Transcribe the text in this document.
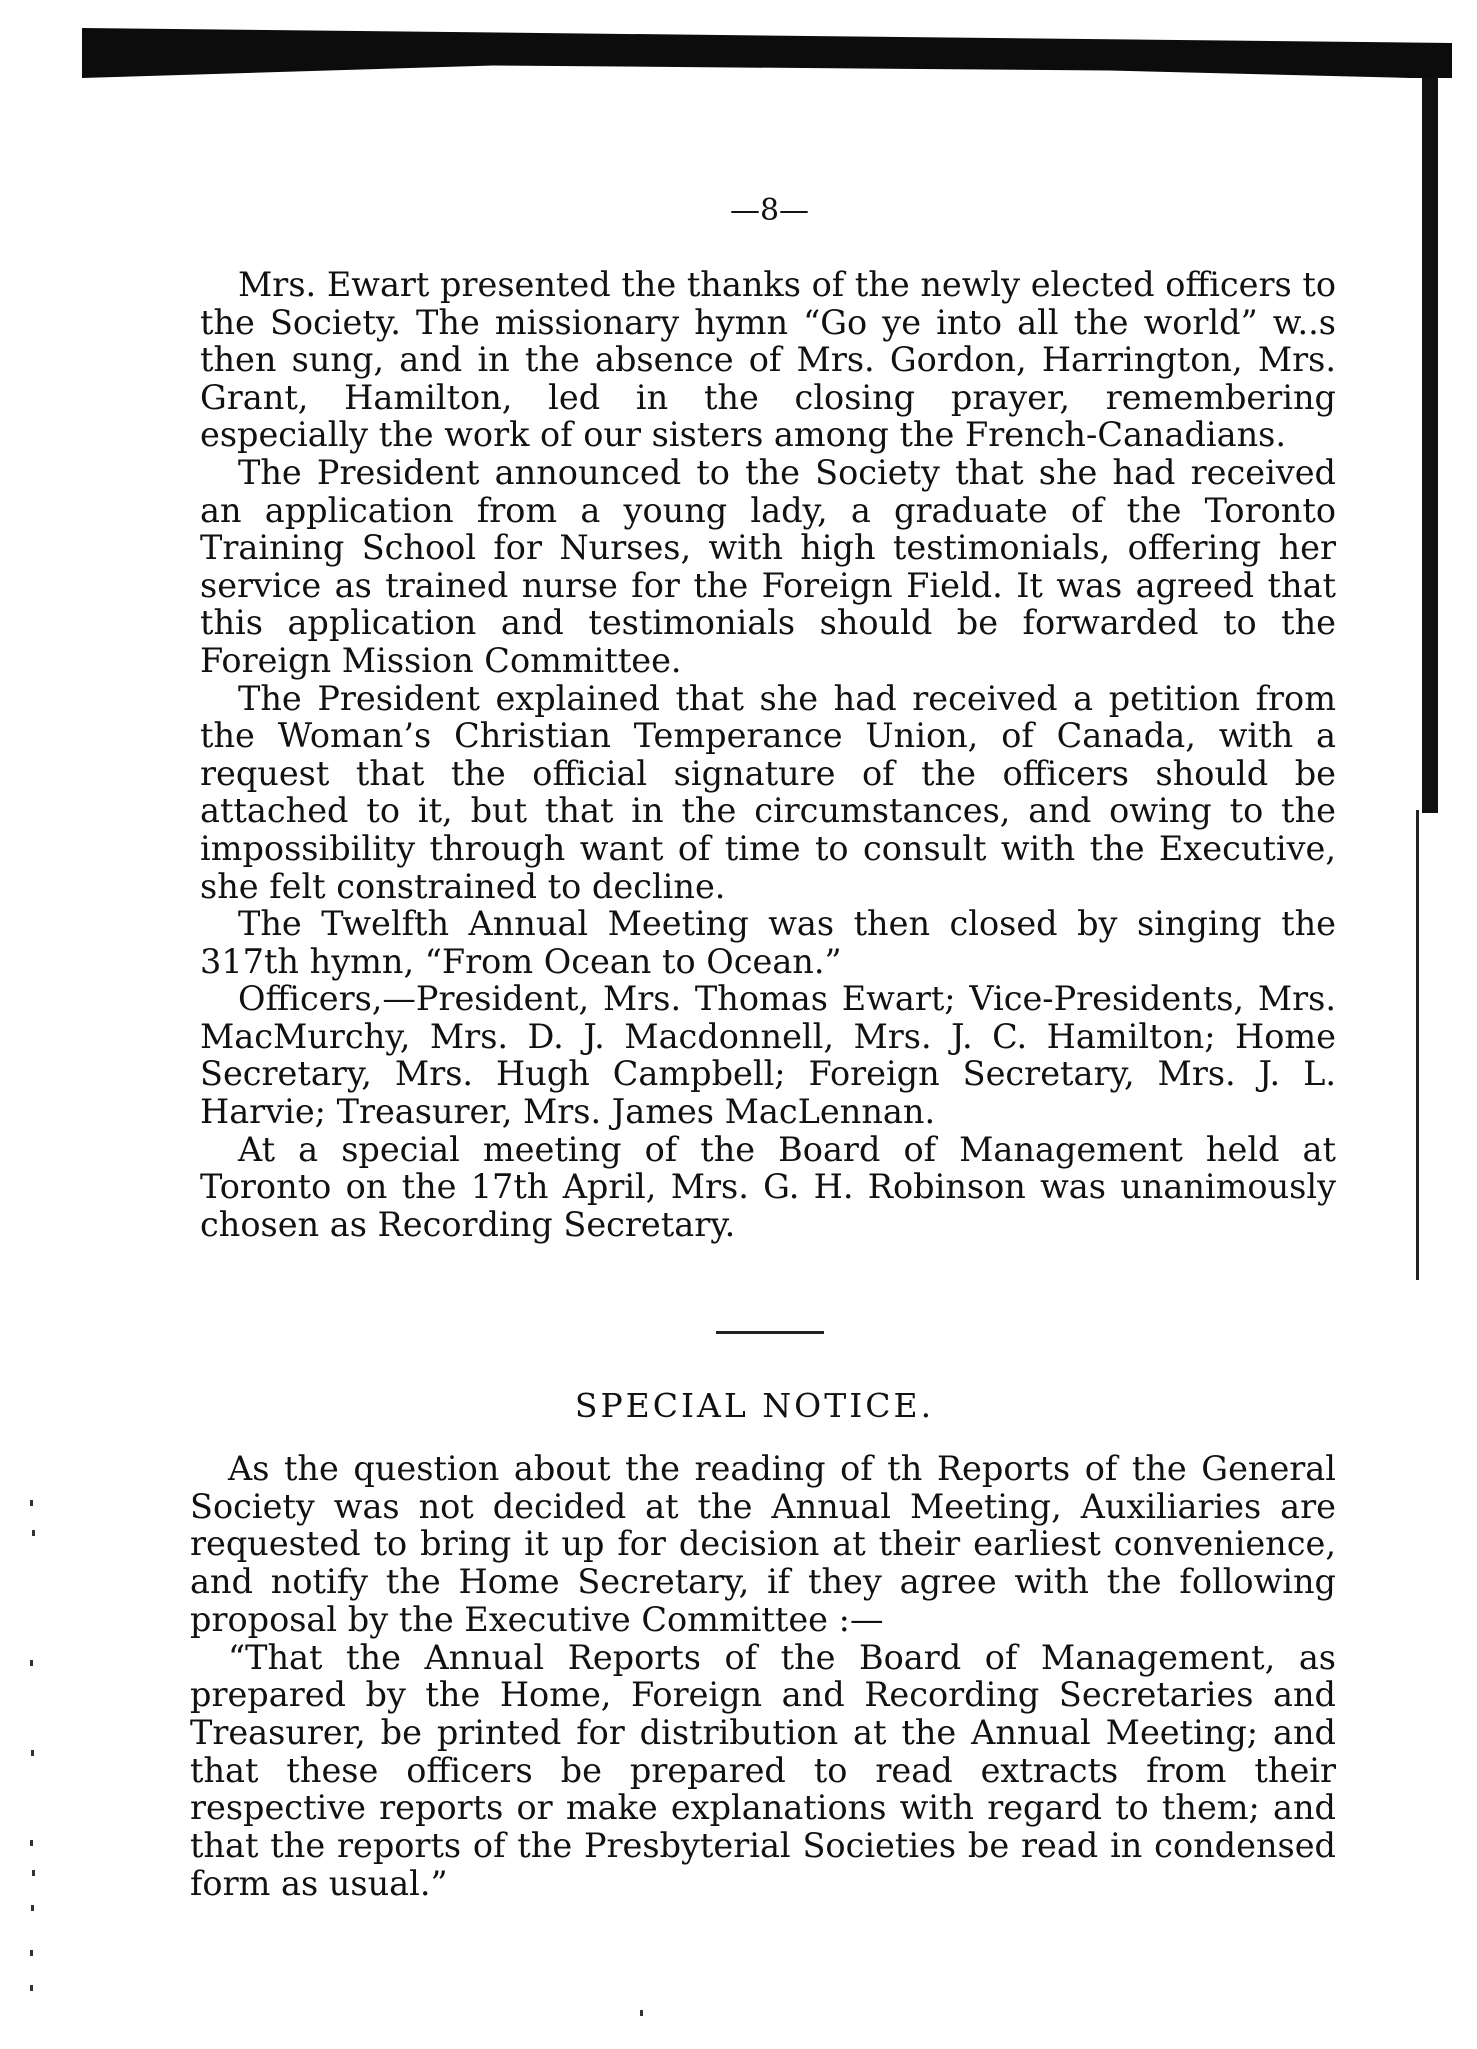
—8—

Mrs. Ewart presented the thanks of the newly elected officers to the Society. The missionary hymn “Go ye into all the world” w..s then sung, and in the absence of Mrs. Gordon, Harrington, Mrs. Grant, Hamilton, led in the closing prayer, remembering especially the work of our sisters among the French-Canadians.

The President announced to the Society that she had received an application from a young lady, a graduate of the Toronto Training School for Nurses, with high testimonials, offering her service as trained nurse for the Foreign Field. It was agreed that this application and testimonials should be forwarded to the Foreign Mission Committee.

The President explained that she had received a petition from the Woman’s Christian Temperance Union, of Canada, with a request that the official signature of the officers should be attached to it, but that in the circumstances, and owing to the impossibility through want of time to consult with the Executive, she felt constrained to decline.

The Twelfth Annual Meeting was then closed by singing the 317th hymn, “From Ocean to Ocean.”

Officers,—President, Mrs. Thomas Ewart; Vice-Presidents, Mrs. MacMurchy, Mrs. D. J. Macdonnell, Mrs. J. C. Hamilton; Home Secretary, Mrs. Hugh Campbell; Foreign Secretary, Mrs. J. L. Harvie; Treasurer, Mrs. James MacLennan.

At a special meeting of the Board of Management held at Toronto on the 17th April, Mrs. G. H. Robinson was unanimously chosen as Recording Secretary.

SPECIAL NOTICE.

As the question about the reading of th Reports of the General Society was not decided at the Annual Meeting, Auxiliaries are requested to bring it up for decision at their earliest convenience, and notify the Home Secretary, if they agree with the following proposal by the Executive Committee :—

“That the Annual Reports of the Board of Management, as prepared by the Home, Foreign and Recording Secretaries and Treasurer, be printed for distribution at the Annual Meeting; and that these officers be prepared to read extracts from their respective reports or make explanations with regard to them; and that the reports of the Presbyterial Societies be read in condensed form as usual.”
